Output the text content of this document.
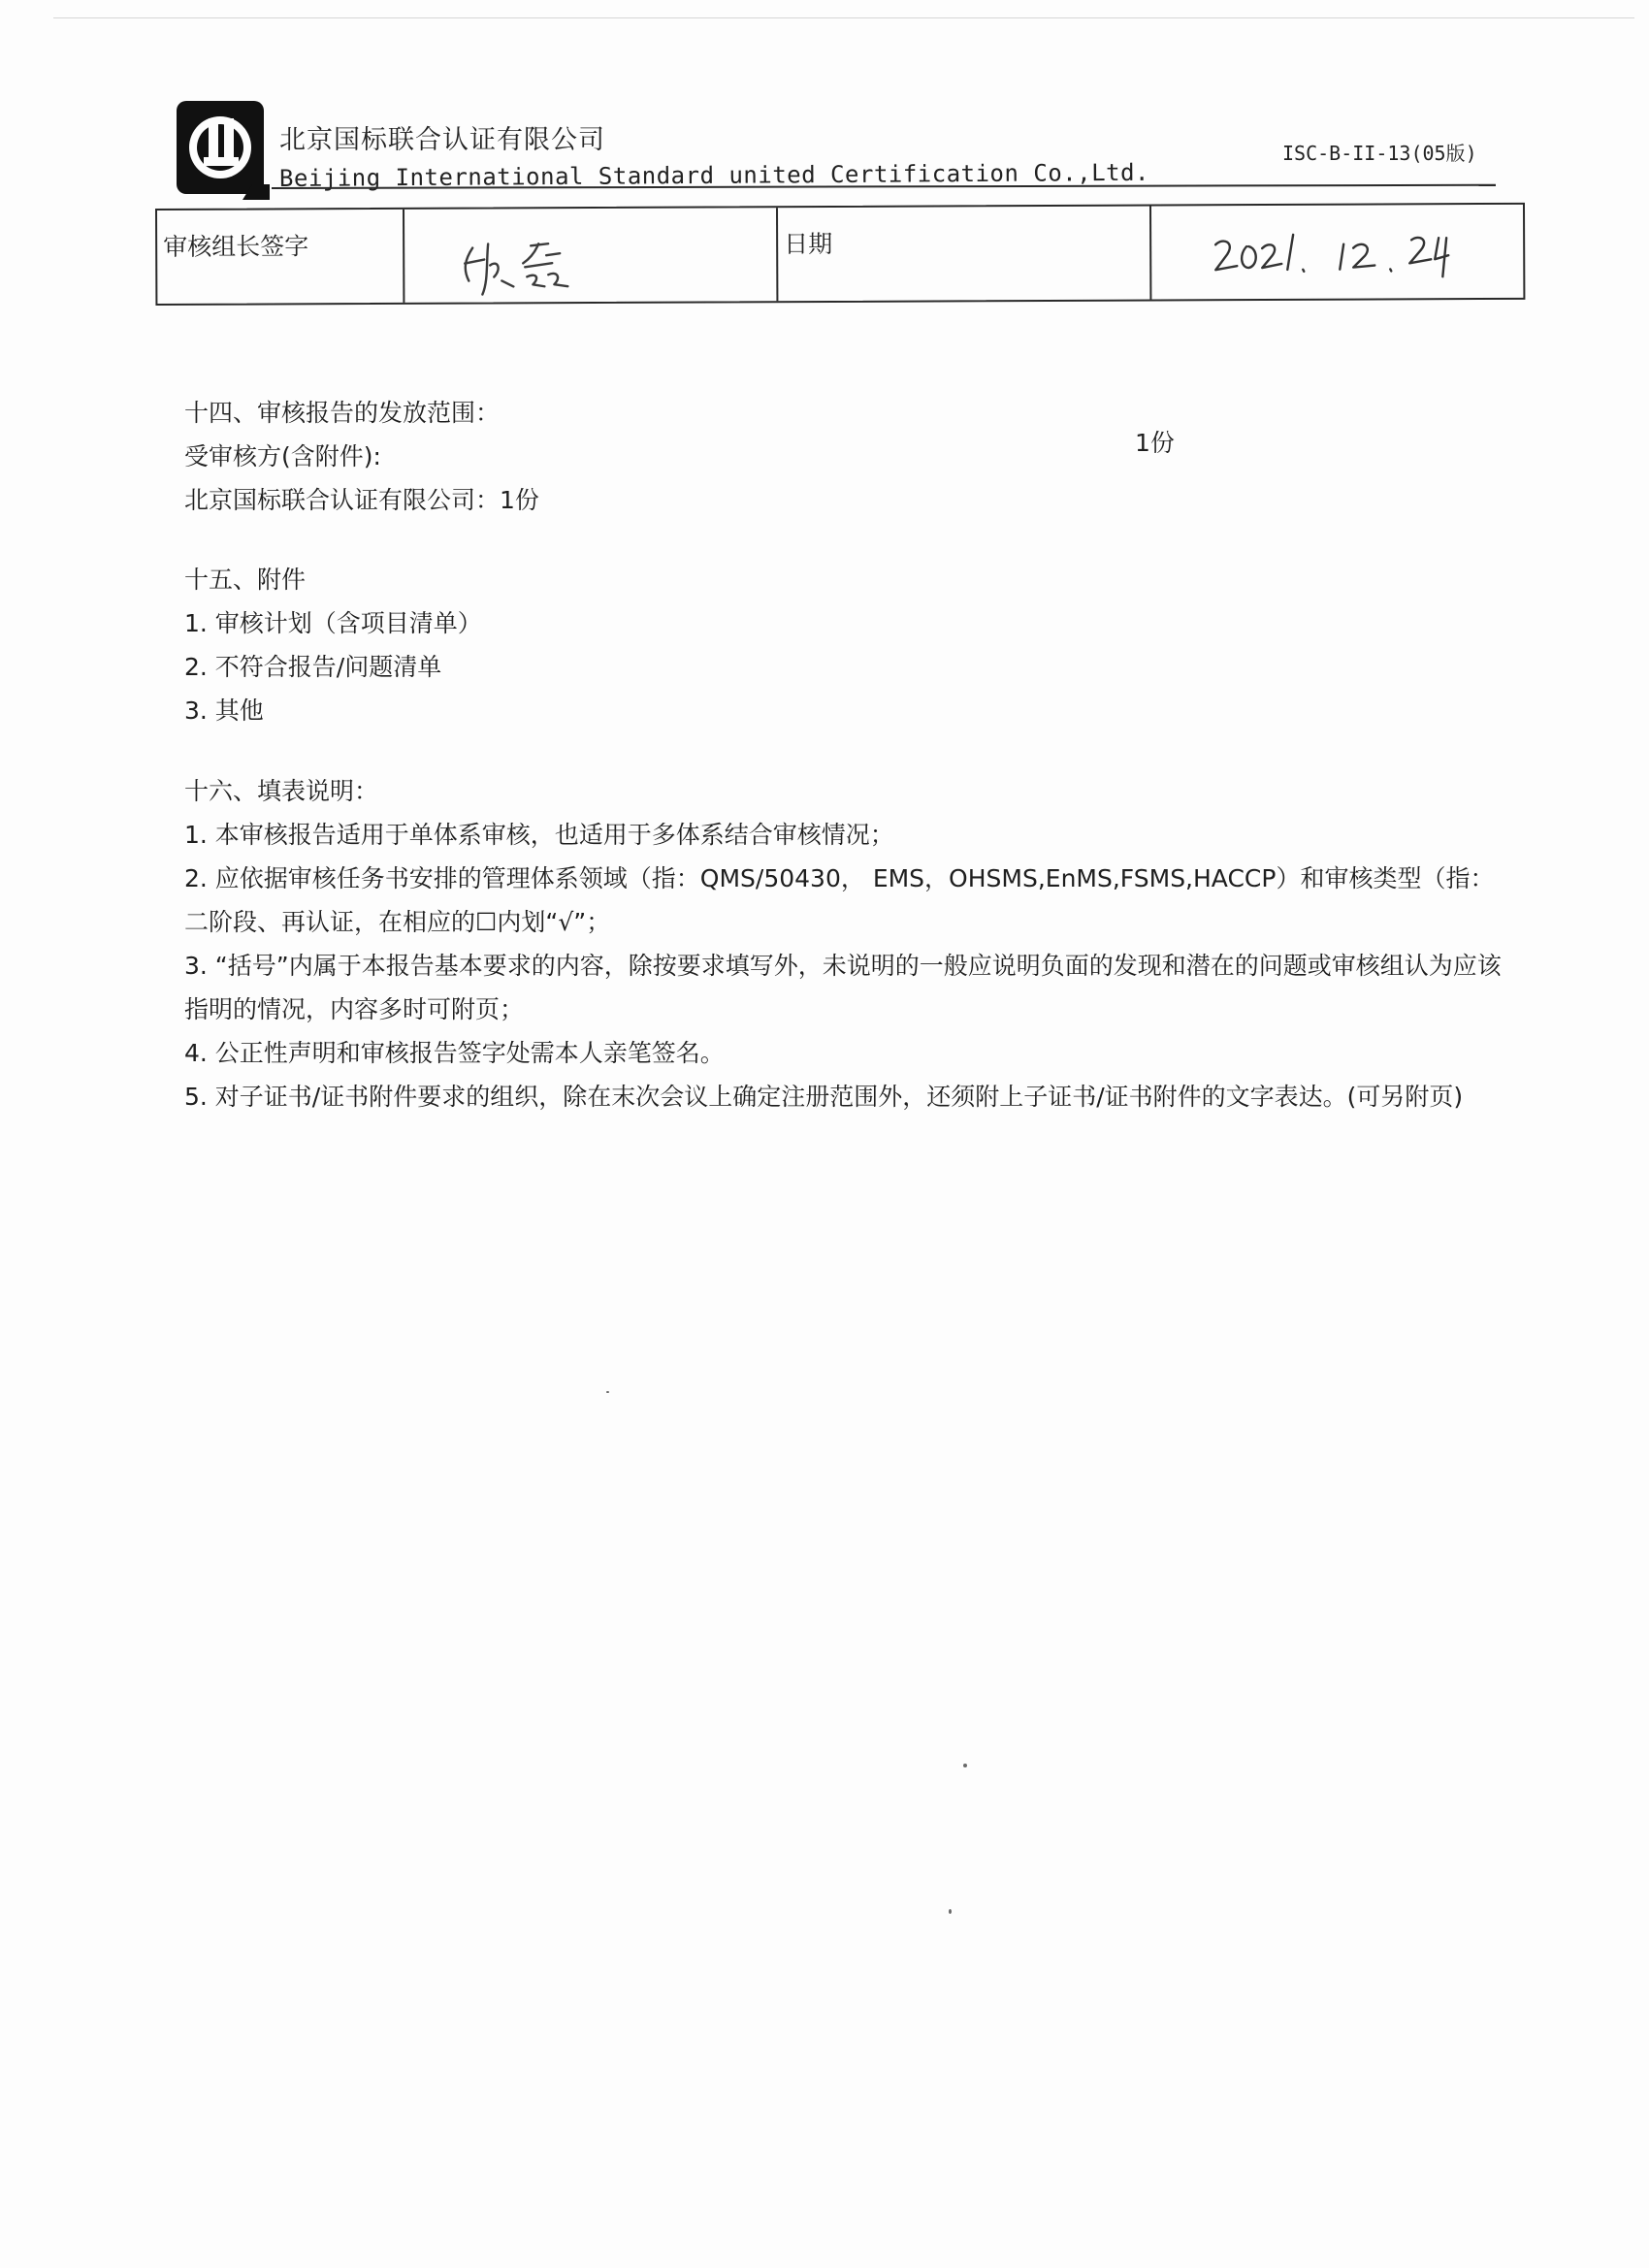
北京国标联合认证有限公司
Beijing International Standard united Certification Co.,Ltd.
ISC-B-II-13(05版)
审核组长签字	日期
十四、审核报告的发放范围：
受审核方(含附件):
北京国标联合认证有限公司：1份
1份
十五、附件
1. 审核计划（含项目清单）
2. 不符合报告/问题清单
3. 其他
十六、填表说明：
1. 本审核报告适用于单体系审核，也适用于多体系结合审核情况；
2. 应依据审核任务书安排的管理体系领域（指：QMS/50430， EMS，OHSMS,EnMS,FSMS,HACCP）和审核类型（指：二阶段、再认证，在相应的☐内划“√”；
3. “括号”内属于本报告基本要求的内容，除按要求填写外，未说明的一般应说明负面的发现和潜在的问题或审核组认为应该指明的情况，内容多时可附页；
4. 公正性声明和审核报告签字处需本人亲笔签名。
5. 对子证书/证书附件要求的组织，除在末次会议上确定注册范围外，还须附上子证书/证书附件的文字表达。(可另附页)
